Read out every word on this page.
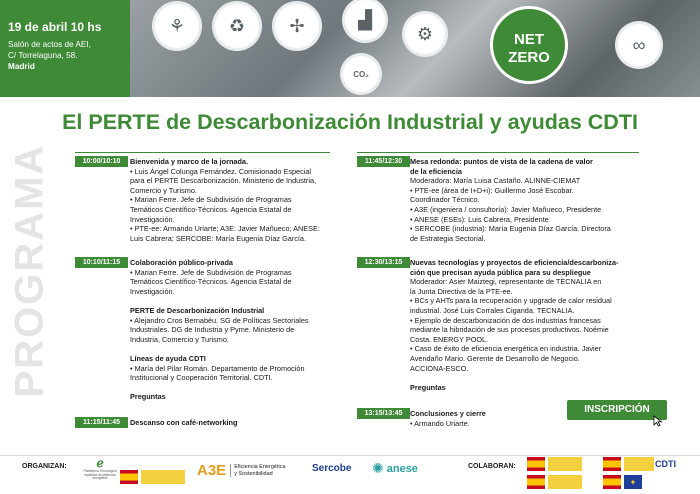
19 de abril 10 hs
Salón de actos de AEI,
C/ Torrelaguna, 58.
Madrid
⚘	♻	✢	▟
⚙
CO₂
∞
NET
ZERO
El PERTE de Descarbonización Industrial y ayudas CDTI
PROGRAMA	10:00/10:10	Bienvenida y marco de la jornada.
• Luis Ángel Colunga Fernández. Comisionado Especial
para el PERTE Descarbonización. Ministerio de Industria,
Comercio y Turismo.
• Marian Ferre. Jefe de Subdivisión de Programas
Temáticos Científico-Técnicos. Agencia Estatal de
Investigación.
• PTE-ee: Armando Uriarte; A3E: Javier Mañueco; ANESE:
Luis Cabrera; SERCOBE: María Eugenia Díaz García.
10:10/11:15	Colaboración público-privada
• Marian Ferre. Jefe de Subdivisión de Programas
Temáticos Científico-Técnicos. Agencia Estatal de
Investigación.
PERTE de Descarbonización Industrial
• Alejandro Cros Bernabéu. SG de Políticas Sectoriales
Industriales. DG de Industria y Pyme. Ministerio de
Industria, Comercio y Turismo.
Líneas de ayuda CDTI
• María del Pilar Román. Departamento de Promoción
Institucional y Cooperación Territorial. CDTI.
Preguntas
11:15/11:45	Descanso con café-networking
11:45/12:30	Mesa redonda: puntos de vista de la cadena de valor
de la eficiencia
Moderadora: María Luisa Castaño. ALINNE-CIEMAT
• PTE-ee (área de I+D+i): Guillermo José Escobar.
Coordinador Técnico.
• A3E (ingeniera / consultoría): Javier Mañueco, Presidente
• ANESE (ESEs): Luis Cabrera, Presidente
• SERCOBE (industria): María Eugenia Díaz García. Directora
de Estrategia Sectorial.
12:30/13:15	Nuevas tecnologías y proyectos de eficiencia/descarboniza-
ción que precisan ayuda pública para su despliegue
Moderador: Asier Maiztegi, representante de TECNALIA en
la Junta Directiva de la PTE-ee.
• BCs y AHTs para la recuperación y upgrade de calor residual
industrial. José Luis Corrales Ciganda. TECNALIA.
• Ejemplo de descarbonización de dos industrias francesas
mediante la hibridación de sus procesos productivos. Noémie
Costa. ENERGY POOL.
• Caso de éxito de eficiencia energética en industria. Javier
Avendaño Mario. Gerente de Desarrollo de Negocio.
ACCIONA-ESCO.
Preguntas
13:15/13:45	Conclusiones y cierre
• Armando Uriarte.
INSCRIPCIÓN
ORGANIZAN: ℯ
Plataforma Tecnológica española de eficiencia energética	A3E Eficiencia Energética
y Sostenibilidad	Sercobe ✺ anese	COLABORAN:	CDTI
✦
